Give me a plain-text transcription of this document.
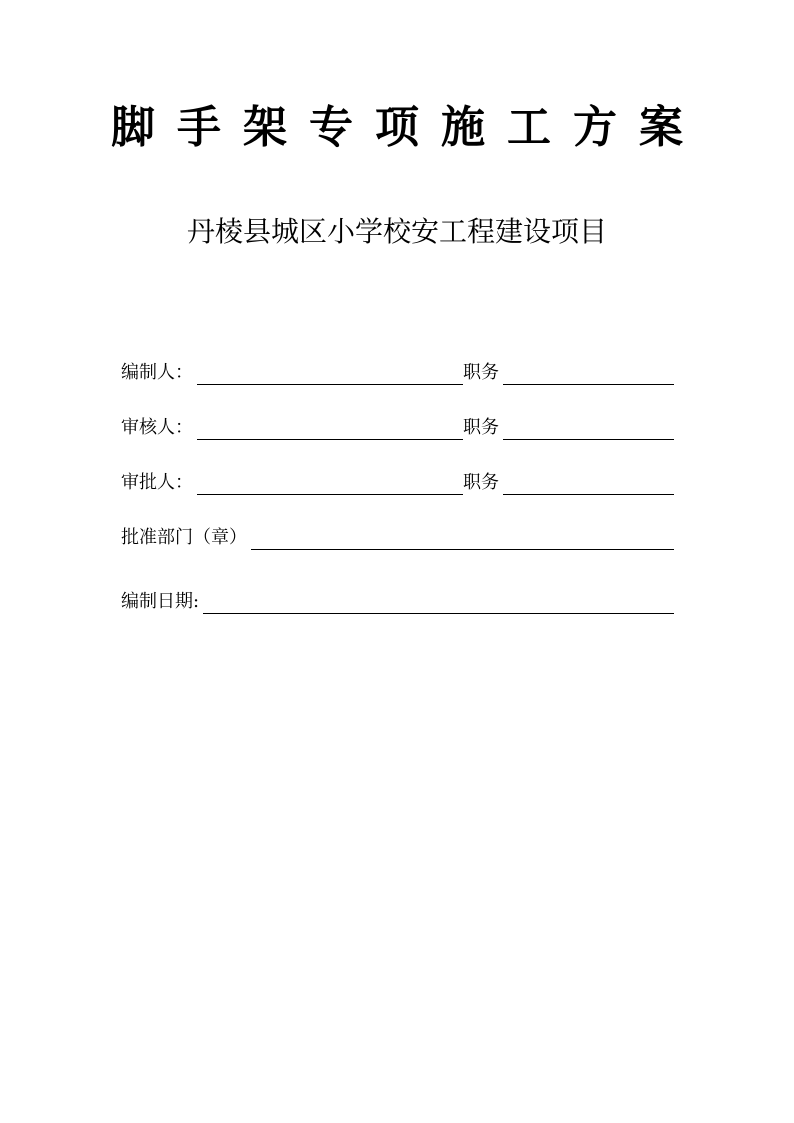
脚手架专项施工方案
丹棱县城区小学校安工程建设项目
编制人：	职务
审核人：	职务
审批人：	职务
批准部门（章）
编制日期:
